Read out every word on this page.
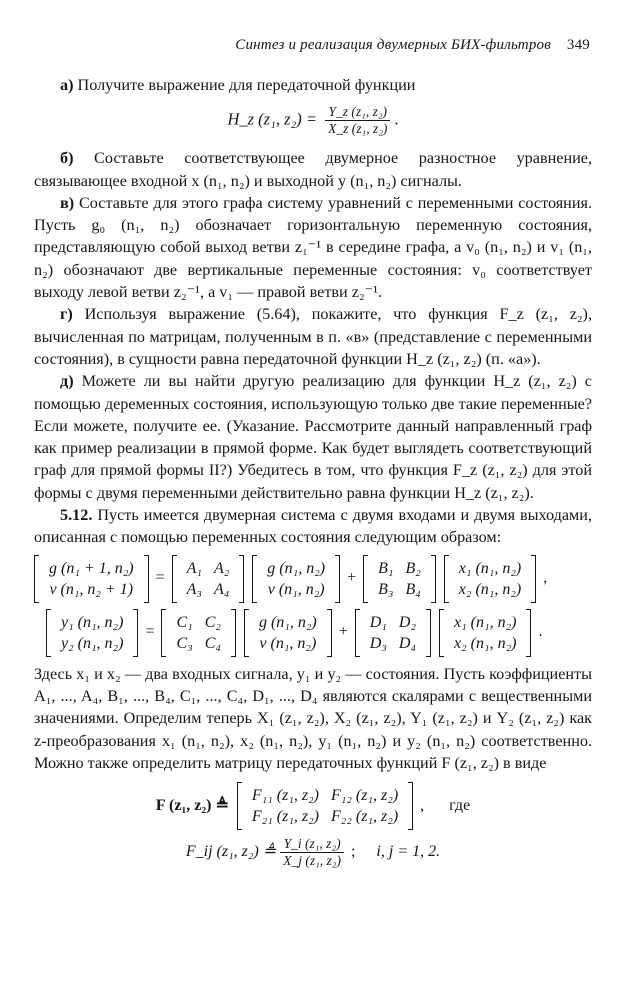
Синтез и реализация двумерных БИХ-фильтров 349

а) Получите выражение для передаточной функции

H_z (z₁, $z_2) = \frac{\text{Y\_z (z₁, z₂)}}{\text{X\_z (z₁, z₂)}}$ .

б) Составьте соответствующее двумерное разностное уравнение, связывающее входной x (n₁, n₂) и выходной y (n₁, n₂) сигналы.

в) Составьте для этого графа систему уравнений с переменными состояния. Пусть g₀ (n₁, n₂) обозначает горизонтальную переменную состояния, представляющую собой выход ветви z₁⁻¹ в середине графа, а v₀ (n₁, n₂) и v₁ (n₁, n₂) обозначают две вертикальные переменные состояния: v₀ соответствует выходу левой ветви z₂⁻¹, а v₁ — правой ветви z₂⁻¹.

г) Используя выражение (5.64), покажите, что функция F_z (z₁, z₂), вычисленная по матрицам, полученным в п. «в» (представление с переменными состояния), в сущности равна передаточной функции H_z (z₁, z₂) (п. «а»).

д) Можете ли вы найти другую реализацию для функции H_z (z₁, z₂) с помощью деременных состояния, использующую только две такие переменные? Если можете, получите ее. (Указание. Рассмотрите данный направленный граф как пример реализации в прямой форме. Как будет выглядеть соответствующий граф для прямой формы II?) Убедитесь в том, что функция F_z (z₁, z₂) для этой формы с двумя переменными действительно равна функции H_z (z₁, z₂).

5.12. Пусть имеется двумерная система с двумя входами и двумя выходами, описанная с помощью переменных состояния следующим образом:

g (n₁ + 1, n₂)
v (n₁, n₂ + 1)
=
A₁	A₂
A₃	A₄
g (n₁, n₂)
v (n₁, n₂)
+
B₁	B₂
B₃	B₄
x₁ (n₁, n₂)
x₂ (n₁, n₂)
,
y₁ (n₁, n₂)
y₂ (n₁, n₂)
=
C₁	C₂
C₃	C₄
g (n₁, n₂)
v (n₁, n₂)
+
D₁	D₂
D₃	D₄
x₁ (n₁, n₂)
x₂ (n₁, n₂)
.

Здесь x₁ и x₂ — два входных сигнала, y₁ и y₂ — состояния. Пусть коэффициенты A₁, ..., A₄, B₁, ..., B₄, C₁, ..., C₄, D₁, ..., D₄ являются скалярами с вещественными значениями. Определим теперь X₁ (z₁, z₂), X₂ (z₁, z₂), Y₁ (z₁, z₂) и Y₂ (z₁, z₂) как z-преобразования x₁ (n₁, n₂), x₂ (n₁, n₂), y₁ (n₁, n₂) и y₂ (n₁, n₂) соответственно. Можно также определить матрицу передаточных функций F (z₁, z₂) в виде

F (z₁, z₂) ≜
F₁₁ (z₁, z₂)	F₁₂ (z₁, z₂)
F₂₁ (z₁, z₂)	F₂₂ (z₁, z₂)
, где
F_ij (z₁, z₂) ≜ $\frac{\text{Y\_i (z₁, z₂)}}{\text{X\_j (z₁, z₂)}}$ ; i, j = 1, 2.
